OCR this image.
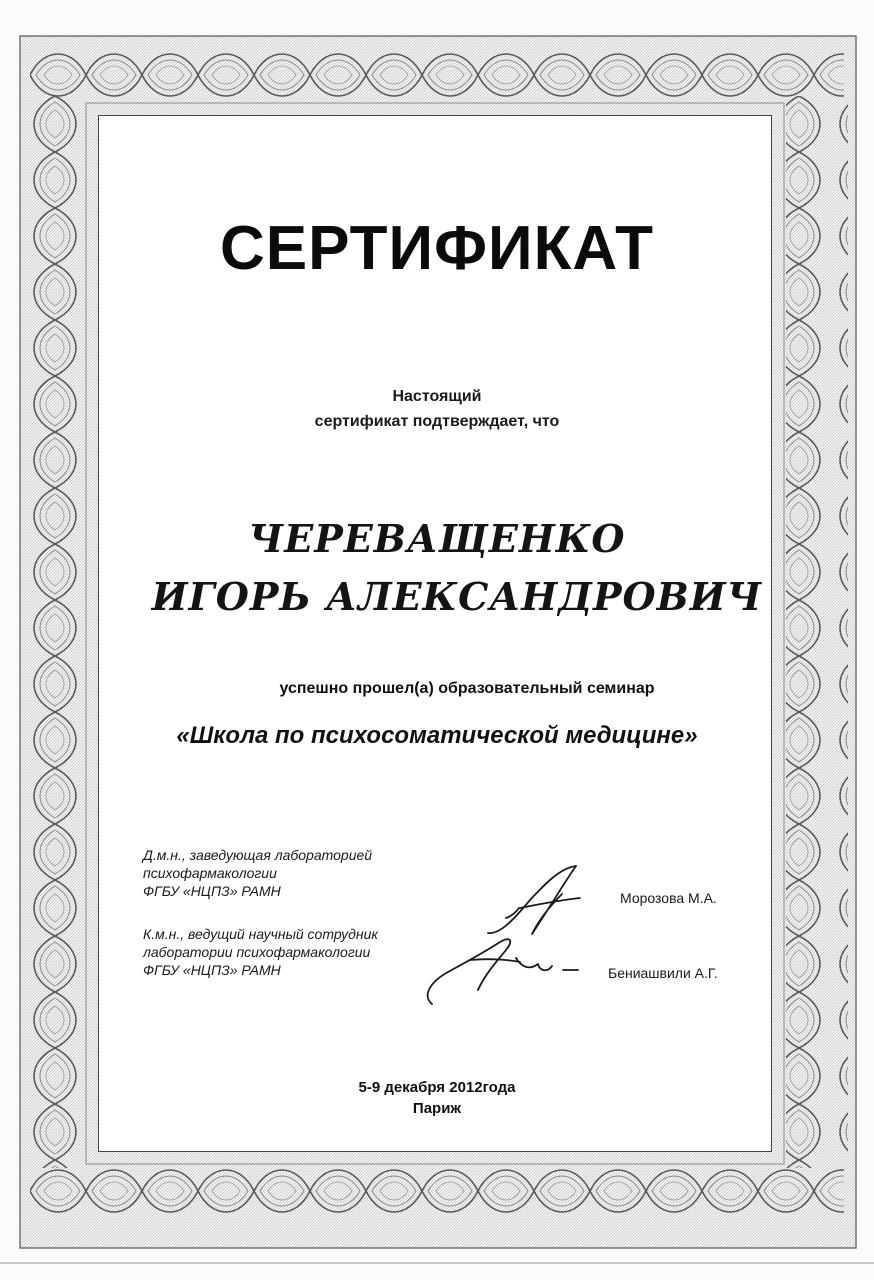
СЕРТИФИКАТ
Настоящий
сертификат подтверждает, что
ЧЕРЕВАЩЕНКО
ИГОРЬ АЛЕКСАНДРОВИЧ
успешно прошел(а) образовательный семинар
«Школа по психосоматической медицине»
Д.м.н., заведующая лабораторией
психофармакологии
ФГБУ «НЦПЗ» РАМН	Морозова М.А.
К.м.н., ведущий научный сотрудник
лаборатории психофармакологии
ФГБУ «НЦПЗ» РАМН	Бениашвили А.Г.
5-9 декабря 2012года
Париж
